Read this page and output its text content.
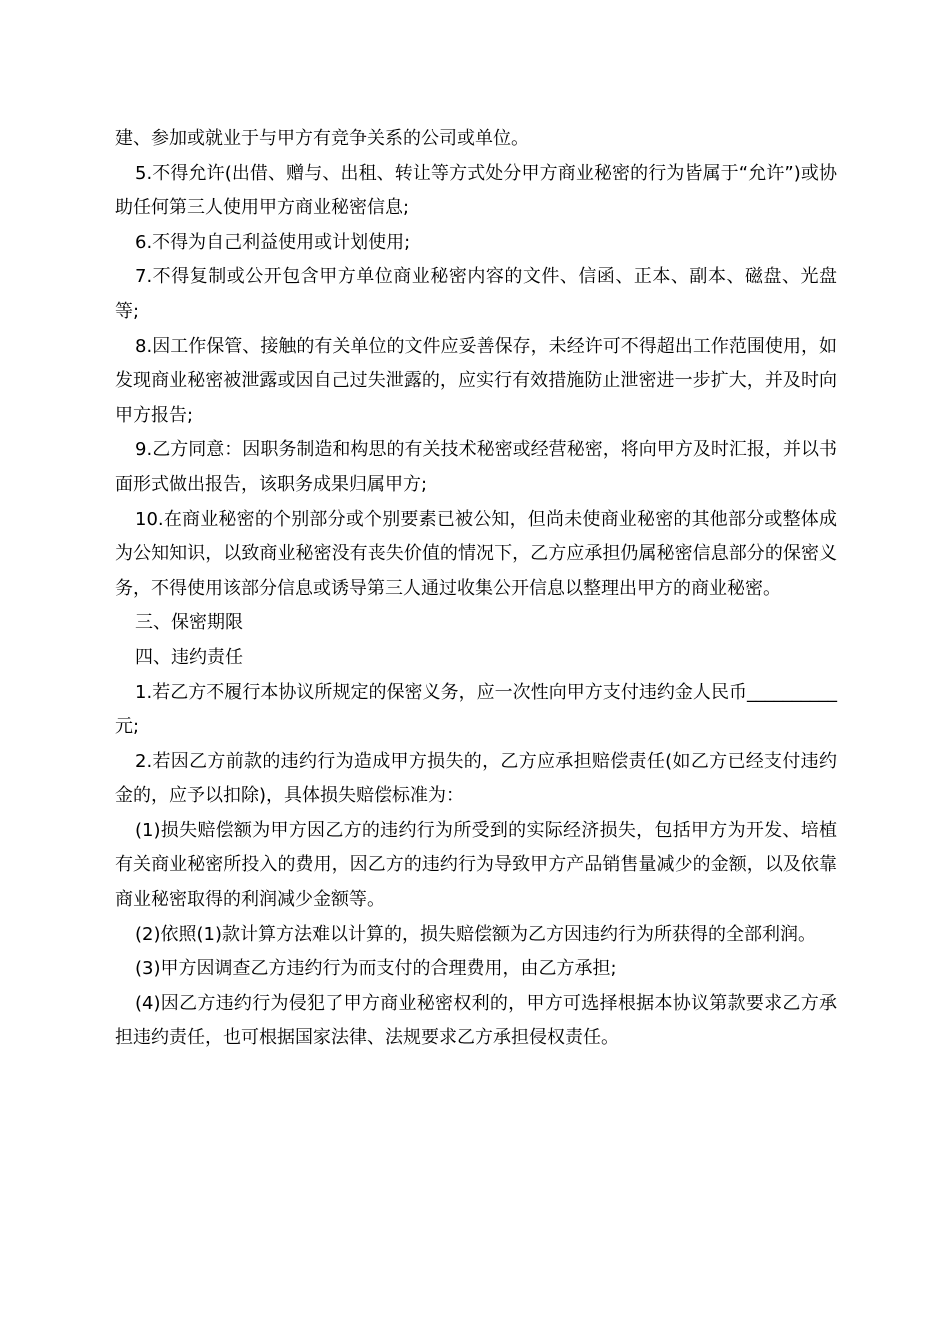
建、参加或就业于与甲方有竞争关系的公司或单位。

5.不得允许(出借、赠与、出租、转让等方式处分甲方商业秘密的行为皆属于“允许”)或协助任何第三人使用甲方商业秘密信息;

6.不得为自己利益使用或计划使用;

7.不得复制或公开包含甲方单位商业秘密内容的文件、信函、正本、副本、磁盘、光盘等;

8.因工作保管、接触的有关单位的文件应妥善保存，未经许可不得超出工作范围使用，如发现商业秘密被泄露或因自己过失泄露的，应实行有效措施防止泄密进一步扩大，并及时向甲方报告;

9.乙方同意：因职务制造和构思的有关技术秘密或经营秘密，将向甲方及时汇报，并以书面形式做出报告，该职务成果归属甲方;

10.在商业秘密的个别部分或个别要素已被公知，但尚未使商业秘密的其他部分或整体成为公知知识，以致商业秘密没有丧失价值的情况下，乙方应承担仍属秘密信息部分的保密义务，不得使用该部分信息或诱导第三人通过收集公开信息以整理出甲方的商业秘密。

三、保密期限

四、违约责任

1.若乙方不履行本协议所规定的保密义务，应一次性向甲方支付违约金人民币__________元;

2.若因乙方前款的违约行为造成甲方损失的，乙方应承担赔偿责任(如乙方已经支付违约金的，应予以扣除)，具体损失赔偿标准为：

(1)损失赔偿额为甲方因乙方的违约行为所受到的实际经济损失，包括甲方为开发、培植有关商业秘密所投入的费用，因乙方的违约行为导致甲方产品销售量减少的金额，以及依靠商业秘密取得的利润减少金额等。

(2)依照(1)款计算方法难以计算的，损失赔偿额为乙方因违约行为所获得的全部利润。

(3)甲方因调查乙方违约行为而支付的合理费用，由乙方承担;

(4)因乙方违约行为侵犯了甲方商业秘密权利的，甲方可选择根据本协议第款要求乙方承担违约责任，也可根据国家法律、法规要求乙方承担侵权责任。
